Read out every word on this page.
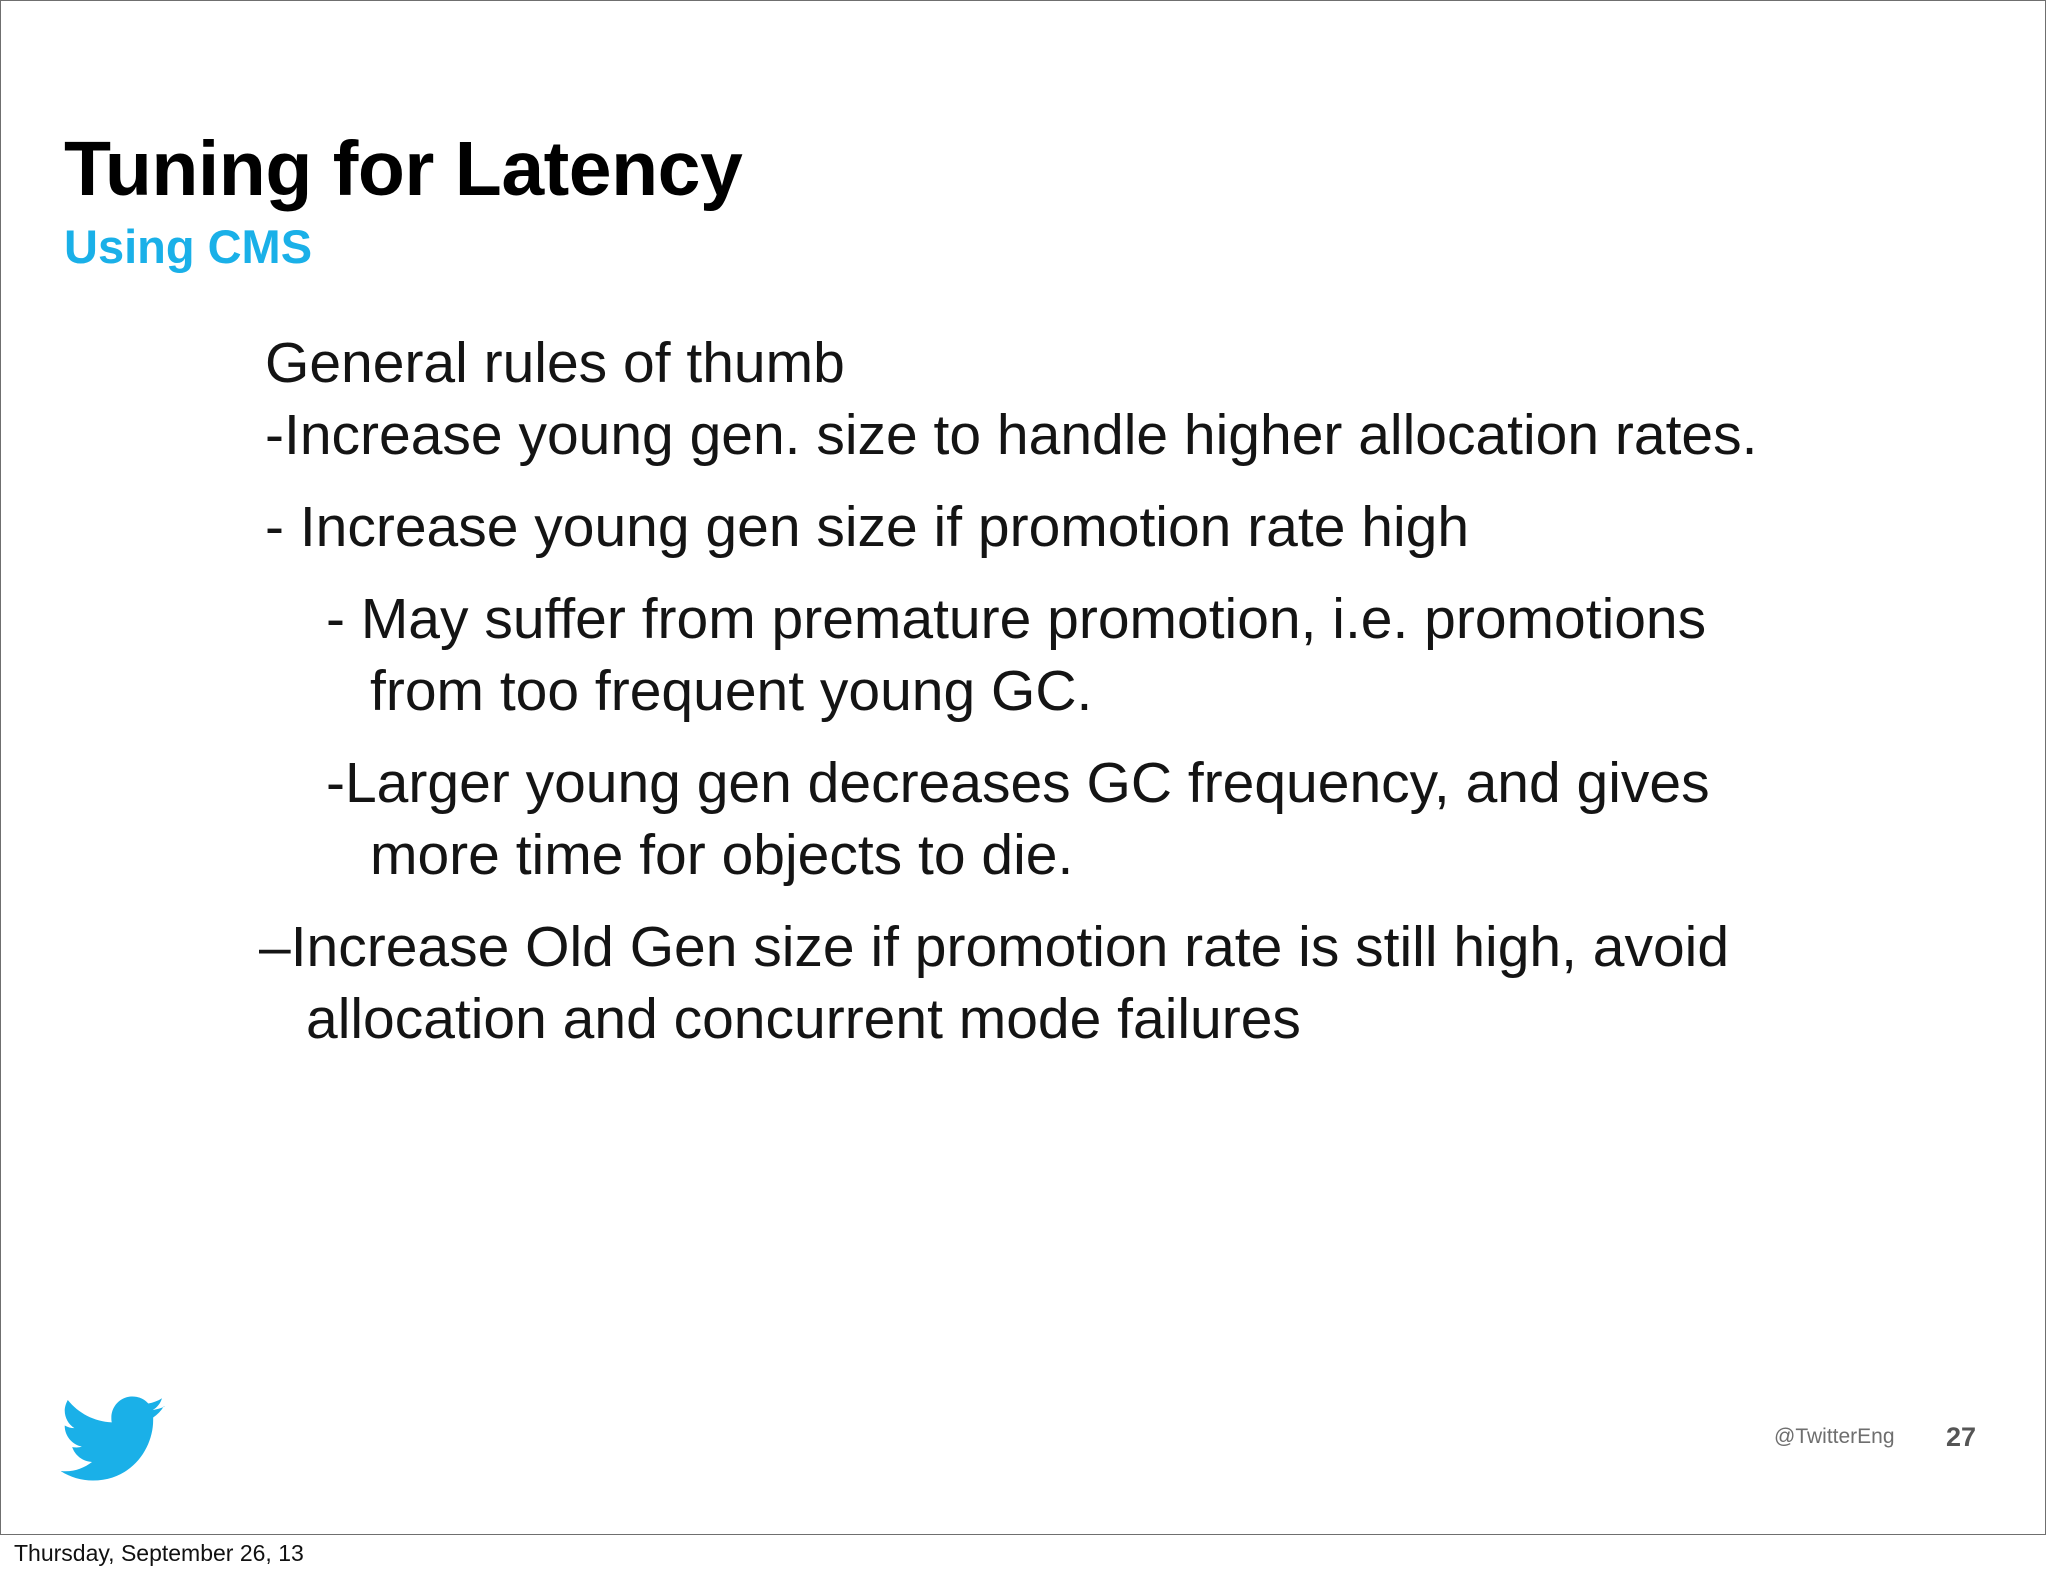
Tuning for Latency
Using CMS
General rules of thumb
-Increase young gen. size to handle higher allocation rates.
- Increase young gen size if promotion rate high
- May suffer from premature promotion, i.e. promotions
from too frequent young GC.
-Larger young gen decreases GC frequency, and gives
more time for objects to die.
–Increase Old Gen size if promotion rate is still high, avoid
allocation and concurrent mode failures
@TwitterEng 27
Thursday, September 26, 13
